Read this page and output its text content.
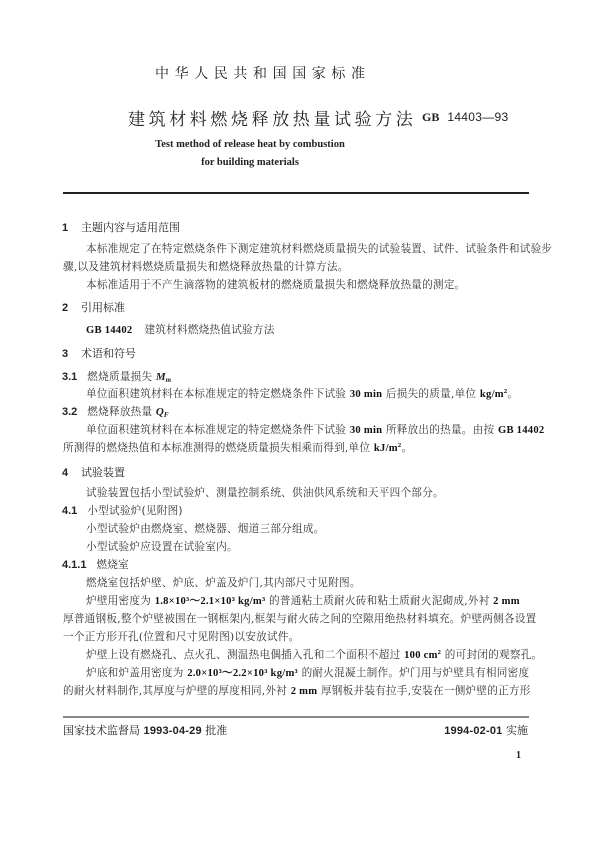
中华人民共和国国家标准
建筑材料燃烧释放热量试验方法 GB 14403—93
Test method of release heat by combustion
for building materials
1 主题内容与适用范围
本标准规定了在特定燃烧条件下测定建筑材料燃烧质量损失的试验装置、试件、试验条件和试验步
骤,以及建筑材料燃烧质量损失和燃烧释放热量的计算方法。
本标准适用于不产生滴落物的建筑板材的燃烧质量损失和燃烧释放热量的测定。
2 引用标准
GB 14402 建筑材料燃烧热值试验方法
3 术语和符号
3.1 燃烧质量损失 $M_m$
单位面积建筑材料在本标准规定的特定燃烧条件下试验 30 min 后损失的质量,单位 $kg/m^2$。
3.2 燃烧释放热量 $Q_F$
单位面积建筑材料在本标准规定的特定燃烧条件下试验 30 min 所释放出的热量。由按 GB 14402
所测得的燃烧热值和本标准测得的燃烧质量损失相乘而得到,单位 $kJ/m^2$。
4 试验装置
试验装置包括小型试验炉、测量控制系统、供油供风系统和天平四个部分。
4.1 小型试验炉(见附图)
小型试验炉由燃烧室、燃烧器、烟道三部分组成。
小型试验炉应设置在试验室内。
4.1.1 燃烧室
燃烧室包括炉壁、炉底、炉盖及炉门,其内部尺寸见附图。
炉壁用密度为 1.8×10³～2.1×10³ kg/m³ 的普通粘土质耐火砖和粘土质耐火泥砌成,外衬 2 mm
厚普通钢板,整个炉壁被围在一钢框架内,框架与耐火砖之间的空隙用绝热材料填充。炉壁两侧各设置
一个正方形开孔(位置和尺寸见附图)以安放试件。
炉壁上设有燃烧孔、点火孔、测温热电偶插入孔和二个面积不超过 100 $cm^2$ 的可封闭的观察孔。
炉底和炉盖用密度为 2.0×10³～2.2×10³ kg/m³ 的耐火混凝土制作。炉门用与炉壁具有相同密度
的耐火材料制作,其厚度与炉壁的厚度相同,外衬 2 mm 厚钢板并装有拉手,安装在一侧炉壁的正方形
国家技术监督局 1993-04-29 批准	1994-02-01 实施
1
